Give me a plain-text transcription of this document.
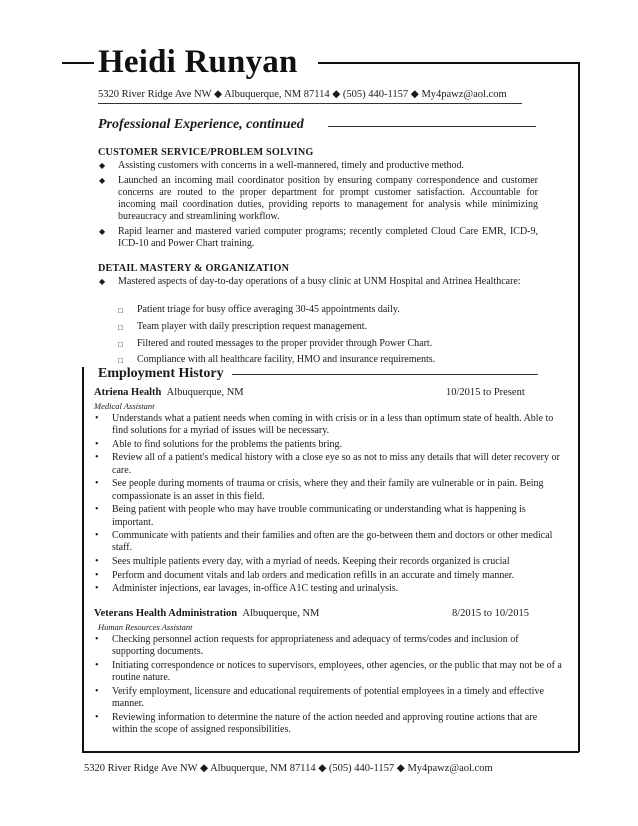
Heidi Runyan
5320 River Ridge Ave NW ◆ Albuquerque, NM 87114 ◆ (505) 440-1157 ◆ My4pawz@aol.com
Professional Experience, continued
CUSTOMER SERVICE/PROBLEM SOLVING
◆ Assisting customers with concerns in a well-mannered, timely and productive method.
◆ Launched an incoming mail coordinator position by ensuring company correspondence and customer concerns are routed to the proper department for prompt customer satisfaction. Accountable for incoming mail coordination duties, providing reports to management for analysis while minimizing bureaucracy and streamlining workflow.
◆ Rapid learner and mastered varied computer programs; recently completed Cloud Care EMR, ICD-9, ICD-10 and Power Chart training.
DETAIL MASTERY & ORGANIZATION
◆ Mastered aspects of day-to-day operations of a busy clinic at UNM Hospital and Atrinea Healthcare:
□ Patient triage for busy office averaging 30-45 appointments daily.
□ Team player with daily prescription request management.
□ Filtered and routed messages to the proper provider through Power Chart.
□ Compliance with all healthcare facility, HMO and insurance requirements.
Employment History
Atriena Health Albuquerque, NM	10/2015 to Present
Medical Assistant
• Understands what a patient needs when coming in with crisis or in a less than optimum state of health. Able to find solutions for a myriad of issues will be necessary.
• Able to find solutions for the problems the patients bring.
• Review all of a patient's medical history with a close eye so as not to miss any details that will deter recovery or care.
• See people during moments of trauma or crisis, where they and their family are vulnerable or in pain. Being compassionate is an asset in this field.
• Being patient with people who may have trouble communicating or understanding what is happening is important.
• Communicate with patients and their families and often are the go-between them and doctors or other medical staff.
• Sees multiple patients every day, with a myriad of needs. Keeping their records organized is crucial
• Perform and document vitals and lab orders and medication refills in an accurate and timely manner.
• Administer injections, ear lavages, in-office A1C testing and urinalysis.
Veterans Health Administration Albuquerque, NM	8/2015 to 10/2015
Human Resources Assistant
• Checking personnel action requests for appropriateness and adequacy of terms/codes and inclusion of supporting documents.
• Initiating correspondence or notices to supervisors, employees, other agencies, or the public that may not be of a routine nature.
• Verify employment, licensure and educational requirements of potential employees in a timely and effective manner.
• Reviewing information to determine the nature of the action needed and approving routine actions that are within the scope of assigned responsibilities.
5320 River Ridge Ave NW ◆ Albuquerque, NM 87114 ◆ (505) 440-1157 ◆ My4pawz@aol.com
